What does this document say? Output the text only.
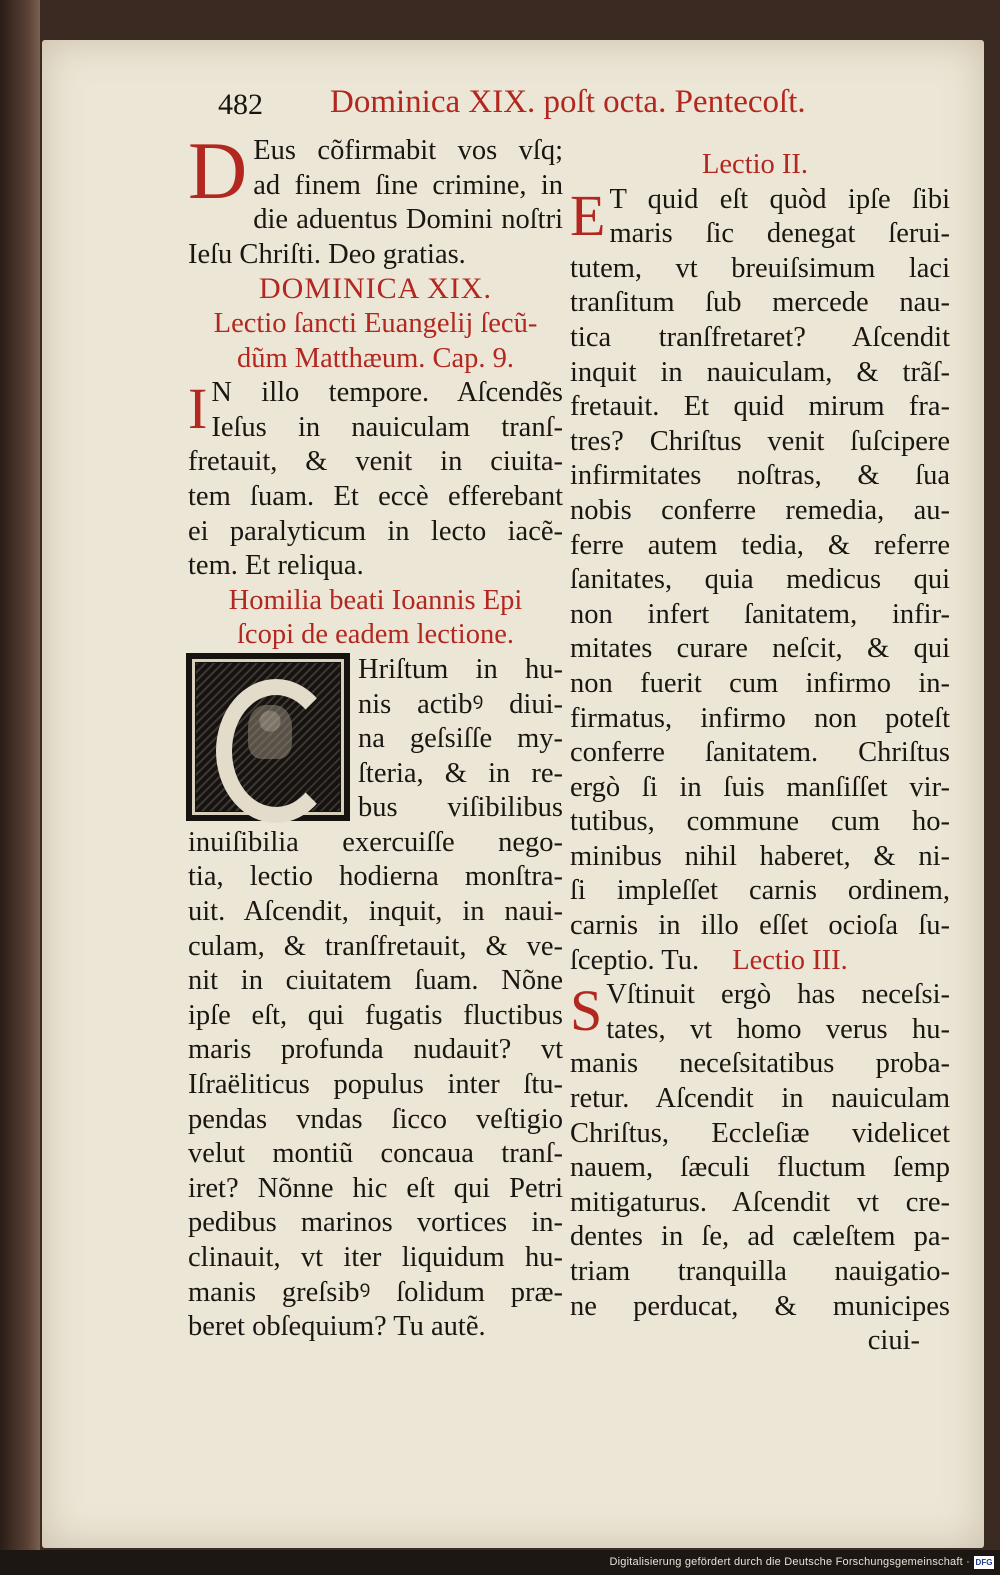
482 Dominica XIX. poſt octa. Pentecoſt.
D Eus cõfirmabit vos vſq;
ad finem ſine crimine, in
die aduentus Domini noſtri
Ieſu Chriſti. Deo gratias.
DOMINICA XIX.
Lectio ſancti Euangelij ſecũ-
dũm Matthæum. Cap. 9.
I N illo tempore. Aſcendẽs
Ieſus in nauiculam tranſ-
fretauit, & venit in ciuita-
tem ſuam. Et eccè efferebant
ei paralyticum in lecto iacẽ-
tem. Et reliqua.
Homilia beati Ioannis Epi
ſcopi de eadem lectione.
Hriſtum in hu-
nis actibꝰ diui-
na geſsiſſe my-
ſteria, & in re-
bus viſibilibus
inuiſibilia exercuiſſe nego-
tia, lectio hodierna monſtra-
uit. Aſcendit, inquit, in naui-
culam, & tranſfretauit, & ve-
nit in ciuitatem ſuam. Nõne
ipſe eſt, qui fugatis fluctibus
maris profunda nudauit? vt
Iſraëliticus populus inter ſtu-
pendas vndas ſicco veſtigio
velut montiũ concaua tranſ-
iret? Nõnne hic eſt qui Petri
pedibus marinos vortices in-
clinauit, vt iter liquidum hu-
manis greſsibꝰ ſolidum præ-
beret obſequium? Tu autẽ.
Lectio II.
E T quid eſt quòd ipſe ſibi
maris ſic denegat ſerui-
tutem, vt breuiſsimum laci
tranſitum ſub mercede nau-
tica tranſfretaret? Aſcendit
inquit in nauiculam, & trãſ-
fretauit. Et quid mirum fra-
tres? Chriſtus venit ſuſcipere
infirmitates noſtras, & ſua
nobis conferre remedia, au-
ferre autem tedia, & referre
ſanitates, quia medicus qui
non infert ſanitatem, infir-
mitates curare neſcit, & qui
non fuerit cum infirmo in-
firmatus, infirmo non poteſt
conferre ſanitatem. Chriſtus
ergò ſi in ſuis manſiſſet vir-
tutibus, commune cum ho-
minibus nihil haberet, & ni-
ſi impleſſet carnis ordinem,
carnis in illo eſſet ocioſa ſu-
ſceptio. Tu. Lectio III.
S Vſtinuit ergò has neceſsi-
tates, vt homo verus hu-
manis neceſsitatibus proba-
retur. Aſcendit in nauiculam
Chriſtus, Eccleſiæ videlicet
nauem, ſæculi fluctum ſemp
mitigaturus. Aſcendit vt cre-
dentes in ſe, ad cæleſtem pa-
triam tranquilla nauigatio-
ne perducat, & municipes
ciui-
Digitalisierung gefördert durch die Deutsche Forschungsgemeinschaft · DFG
